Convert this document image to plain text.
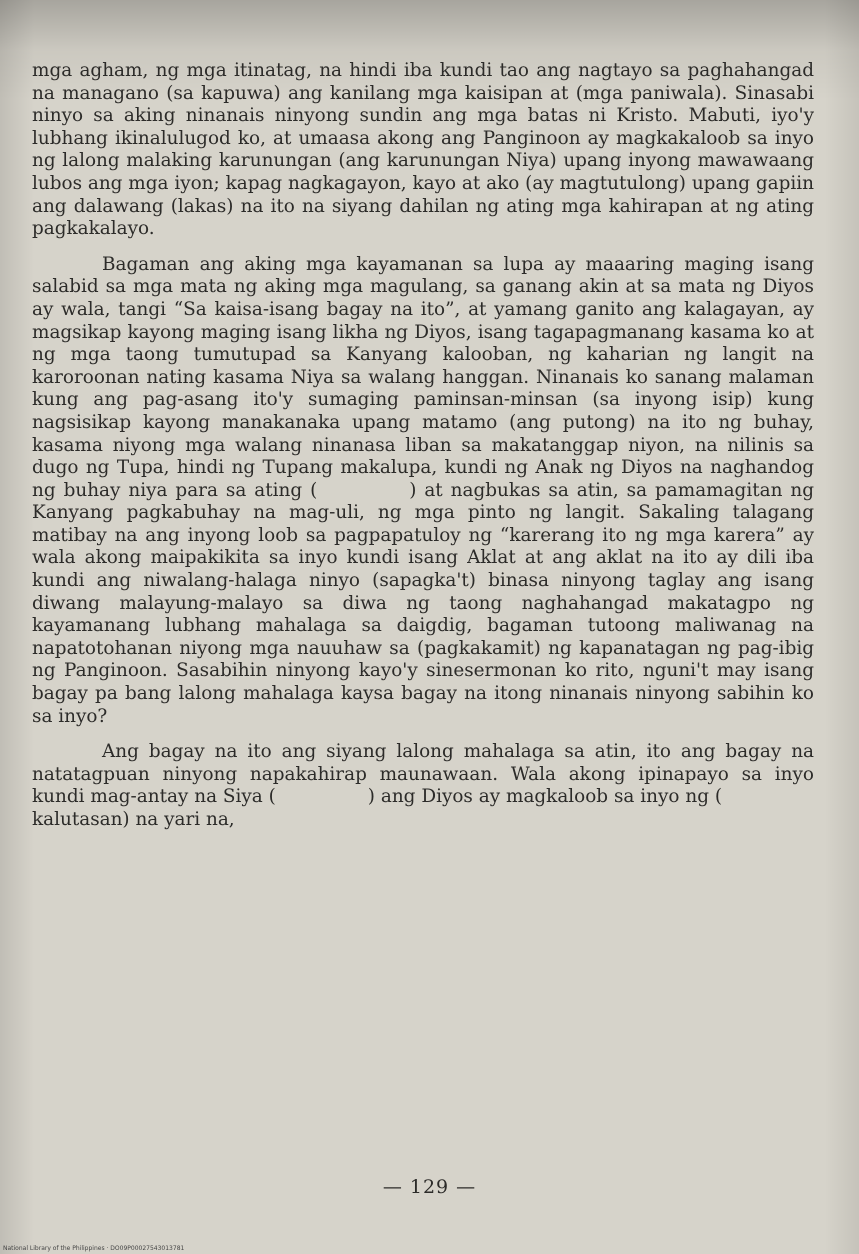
mga agham, ng mga itinatag, na hindi iba kundi tao ang nagtayo sa paghahangad na managano (sa kapuwa) ang kanilang mga kaisipan at (mga paniwala). Sinasabi ninyo sa aking ninanais ninyong sundin ang mga batas ni Kristo. Mabuti, iyo'y lubhang ikinalulugod ko, at umaasa akong ang Panginoon ay magkakaloob sa inyo ng lalong malaking karunungan (ang karunungan Niya) upang inyong mawawaang lubos ang mga iyon; kapag nagkagayon, kayo at ako (ay magtutulong) upang gapiin ang dalawang (lakas) na ito na siyang dahilan ng ating mga kahirapan at ng ating pagkakalayo.

Bagaman ang aking mga kayamanan sa lupa ay maaaring maging isang salabid sa mga mata ng aking mga magulang, sa ganang akin at sa mata ng Diyos ay wala, tangi “Sa kaisa-isang bagay na ito”, at yamang ganito ang kalagayan, ay magsikap kayong maging isang likha ng Diyos, isang tagapagmanang kasama ko at ng mga taong tumutupad sa Kanyang kalooban, ng kaharian ng langit na karoroonan nating kasama Niya sa walang hanggan. Ninanais ko sanang malaman kung ang pag-asang ito'y sumaging paminsan-minsan (sa inyong isip) kung nagsisikap kayong manakanaka upang matamo (ang putong) na ito ng buhay, kasama niyong mga walang ninanasa liban sa makatanggap niyon, na nilinis sa dugo ng Tupa, hindi ng Tupang makalupa, kundi ng Anak ng Diyos na naghandog ng buhay niya para sa ating (     ) at nagbukas sa atin, sa pamamagitan ng Kanyang pagkabuhay na mag-uli, ng mga pinto ng langit. Sakaling talagang matibay na ang inyong loob sa pagpapatuloy ng “karerang ito ng mga karera” ay wala akong maipakikita sa inyo kundi isang Aklat at ang aklat na ito ay dili iba kundi ang niwalang-halaga ninyo (sapagka't) binasa ninyong taglay ang isang diwang malayung-malayo sa diwa ng taong naghahangad makatagpo ng kayamanang lubhang mahalaga sa daigdig, bagaman tutoong maliwanag na napatotohanan niyong mga nauuhaw sa (pagkakamit) ng kapanatagan ng pag-ibig ng Panginoon. Sasabihin ninyong kayo'y sinesermonan ko rito, nguni't may isang bagay pa bang lalong mahalaga kaysa bagay na itong ninanais ninyong sabihin ko sa inyo?

Ang bagay na ito ang siyang lalong mahalaga sa atin, ito ang bagay na natatagpuan ninyong napakahirap maunawaan. Wala akong ipinapayo sa inyo kundi mag-antay na Siya (     ) ang Diyos ay magkaloob sa inyo ng (      kalutasan) na yari na,

— 129 —
National Library of the Philippines · DO09P00027543013781
